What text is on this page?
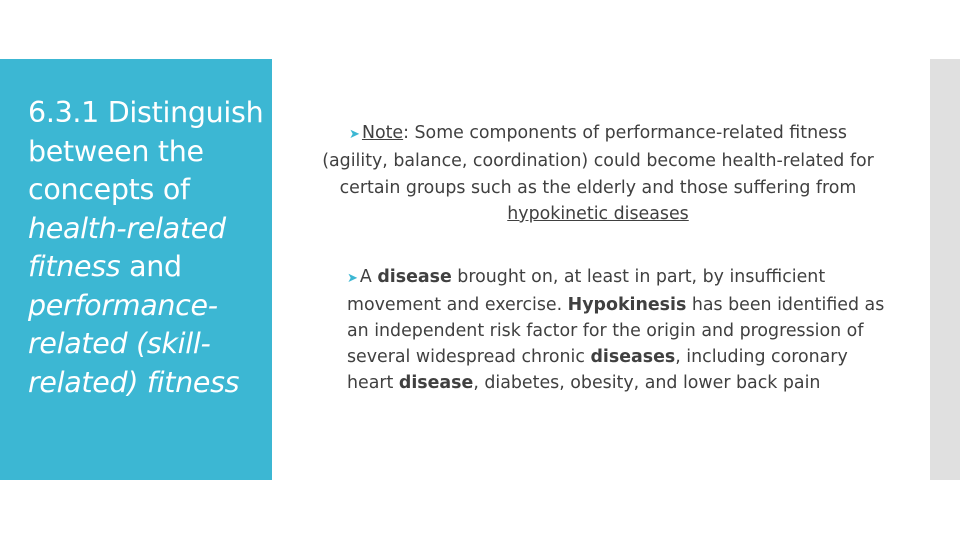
6.3.1 Distinguish between the concepts of health-related fitness and performance-related (skill-related) fitness

➤ Note: Some components of performance-related fitness (agility, balance, coordination) could become health-related for certain groups such as the elderly and those suffering from hypokinetic diseases

➤ A disease brought on, at least in part, by insufficient movement and exercise. Hypokinesis has been identified as an independent risk factor for the origin and progression of several widespread chronic diseases, including coronary heart disease, diabetes, obesity, and lower back pain
